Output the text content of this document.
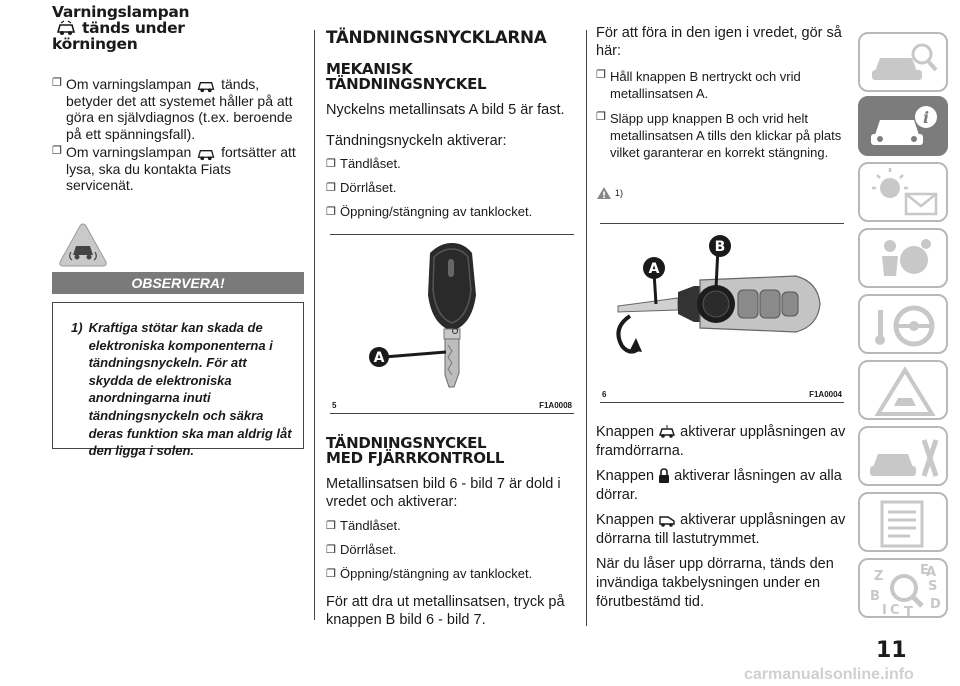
Varningslampan
tänds under
körningen
❐ Om varningslampan tänds, betyder det att systemet håller på att göra en självdiagnos (t.ex. beroende på ett spänningsfall).
❐ Om varningslampan fortsätter att lysa, ska du kontakta Fiats servicenät.
OBSERVERA!
1) Kraftiga stötar kan skada de elektroniska komponenterna i tändningsnyckeln. För att skydda de elektroniska anordningarna inuti tändningsnyckeln och säkra deras funktion ska man aldrig låt den ligga i solen.
TÄNDNINGSNYCKLARNA
MEKANISK
TÄNDNINGSNYCKEL
Nyckelns metallinsats A bild 5 är fast.
Tändningsnyckeln aktiverar:
❐ Tändlåset.
❐ Dörrlåset.
❐ Öppning/stängning av tanklocket.
A
5	F1A0008
TÄNDNINGSNYCKEL
MED FJÄRRKONTROLL
Metallinsatsen bild 6 - bild 7 är dold i vredet och aktiverar:
❐ Tändlåset.
❐ Dörrlåset.
❐ Öppning/stängning av tanklocket.
För att dra ut metallinsatsen, tryck på knappen B bild 6 - bild 7.
För att föra in den igen i vredet, gör så här:
❐ Håll knappen B nertryckt och vrid metallinsatsen A.
❐ Släpp upp knappen B och vrid helt metallinsatsen A tills den klickar på plats vilket garanterar en korrekt stängning.
! 1)
A
B
6	F1A0004
Knappen aktiverar upplåsningen av framdörrarna.
Knappen aktiverar låsningen av alla dörrar.
Knappen aktiverar upplåsningen av dörrarna till lastutrymmet.
När du låser upp dörrarna, tänds den invändiga takbelysningen under en förutbestämd tid.
i
Z	E
S
B
A
I C T
D
11
carmanualsonline.info
